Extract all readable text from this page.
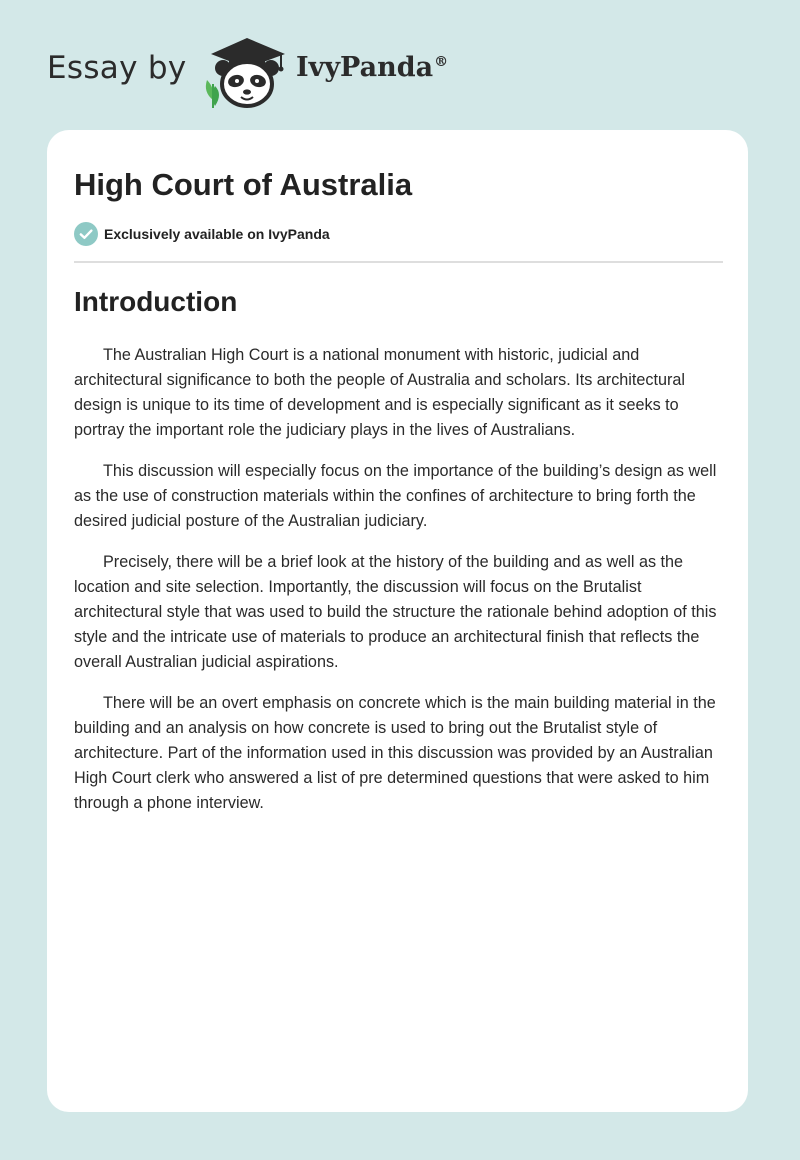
Essay by	IvyPanda®
High Court of Australia
Exclusively available on IvyPanda
Introduction

The Australian High Court is a national monument with historic, judicial and architectural significance to both the people of Australia and scholars. Its architectural design is unique to its time of development and is especially significant as it seeks to portray the important role the judiciary plays in the lives of Australians.

This discussion will especially focus on the importance of the building’s design as well as the use of construction materials within the confines of architecture to bring forth the desired judicial posture of the Australian judiciary.

Precisely, there will be a brief look at the history of the building and as well as the location and site selection. Importantly, the discussion will focus on the Brutalist architectural style that was used to build the structure the rationale behind adoption of this style and the intricate use of materials to produce an architectural finish that reflects the overall Australian judicial aspirations.

There will be an overt emphasis on concrete which is the main building material in the building and an analysis on how concrete is used to bring out the Brutalist style of architecture. Part of the information used in this discussion was provided by an Australian High Court clerk who answered a list of pre determined questions that were asked to him through a phone interview.
